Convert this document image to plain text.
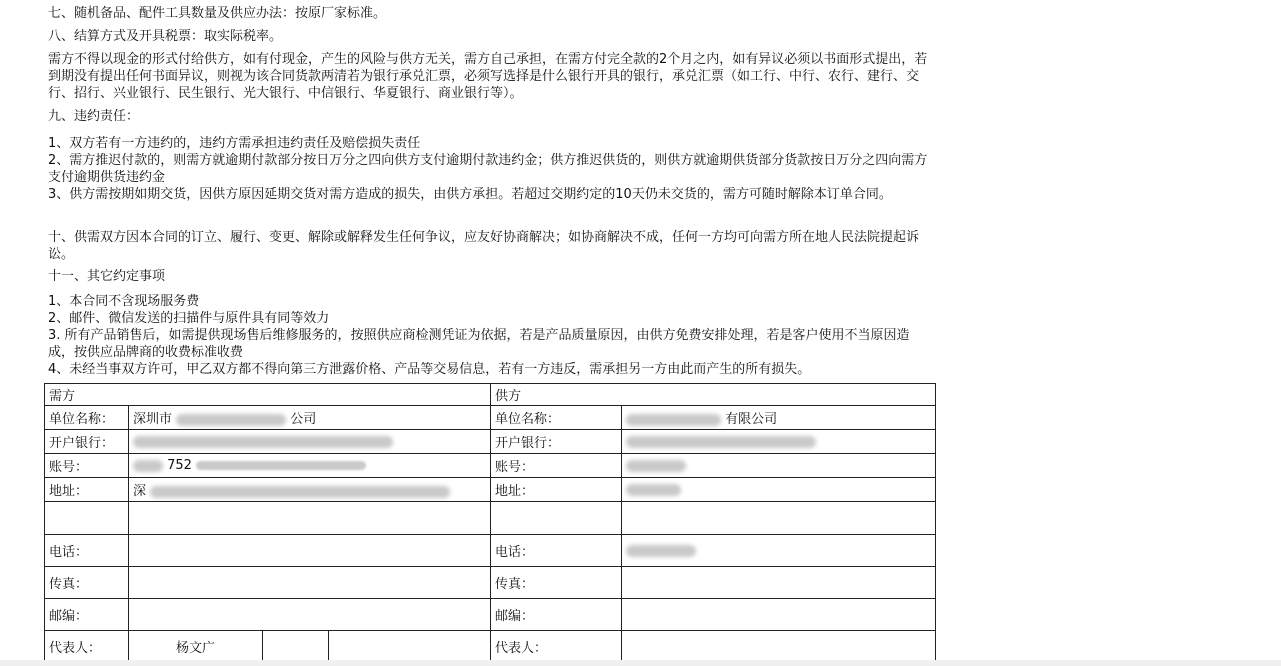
七、随机备品、配件工具数量及供应办法：按原厂家标准。
八、结算方式及开具税票：取实际税率。
需方不得以现金的形式付给供方，如有付现金，产生的风险与供方无关，需方自己承担，在需方付完全款的2个月之内，如有异议必须以书面形式提出，若到期没有提出任何书面异议，则视为该合同货款两清若为银行承兑汇票，必须写选择是什么银行开具的银行，承兑汇票（如工行、中行、农行、建行、交行、招行、兴业银行、民生银行、光大银行、中信银行、华夏银行、商业银行等）。
九、违约责任：
1、双方若有一方违约的，违约方需承担违约责任及赔偿损失责任
2、需方推迟付款的，则需方就逾期付款部分按日万分之四向供方支付逾期付款违约金；供方推迟供货的，则供方就逾期供货部分货款按日万分之四向需方支付逾期供货违约金
3、供方需按期如期交货，因供方原因延期交货对需方造成的损失，由供方承担。若超过交期约定的10天仍未交货的，需方可随时解除本订单合同。
十、供需双方因本合同的订立、履行、变更、解除或解释发生任何争议，应友好协商解决；如协商解决不成，任何一方均可向需方所在地人民法院提起诉讼。
十一、其它约定事项
1、本合同不含现场服务费
2、邮件、微信发送的扫描件与原件具有同等效力
3. 所有产品销售后，如需提供现场售后维修服务的，按照供应商检测凭证为依据，若是产品质量原因，由供方免费安排处理，若是客户使用不当原因造成，按供应品牌商的收费标准收费
4、未经当事双方许可，甲乙双方都不得向第三方泄露价格、产品等交易信息，若有一方违反，需承担另一方由此而产生的所有损失。
需方				供方	
单位名称：	深圳市 公司			单位名称：	有限公司
开户银行：				开户银行：	
账号：	752			账号：	
地址：	深			地址：	

电话：				电话：	
传真：				传真：	
邮编：				邮编：	
代表人：	杨文广			代表人：	
